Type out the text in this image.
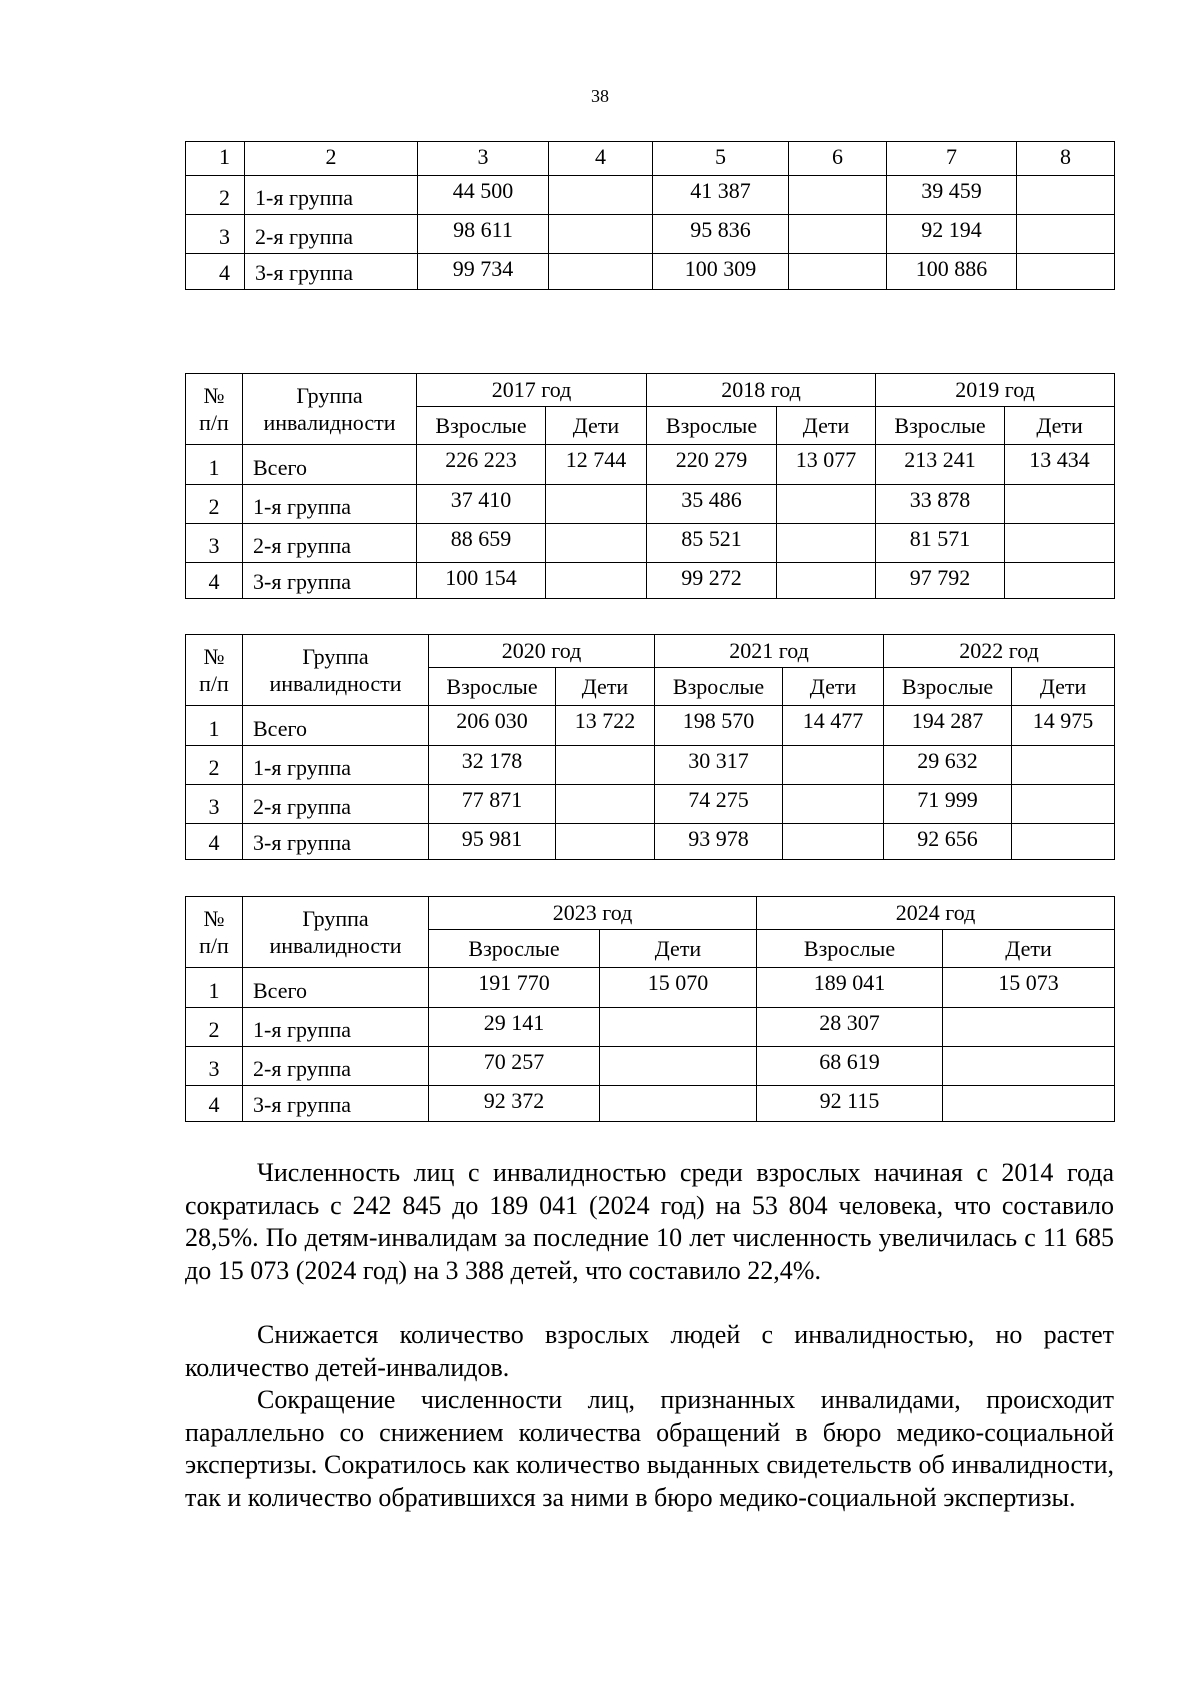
38
1	2	3	4	5	6	7	8
2	1-я группа	44 500		41 387		39 459	
3	2-я группа	98 611		95 836		92 194	
4	3-я группа	99 734		100 309		100 886	
№
п/п	Группа
инвалидности	2017 год		2018 год		2019 год	
		Взрослые	Дети	Взрослые	Дети	Взрослые	Дети
1	Всего	226 223	12 744	220 279	13 077	213 241	13 434
2	1-я группа	37 410		35 486		33 878	
3	2-я группа	88 659		85 521		81 571	
4	3-я группа	100 154		99 272		97 792	
№
п/п	Группа
инвалидности	2020 год		2021 год		2022 год	
		Взрослые	Дети	Взрослые	Дети	Взрослые	Дети
1	Всего	206 030	13 722	198 570	14 477	194 287	14 975
2	1-я группа	32 178		30 317		29 632	
3	2-я группа	77 871		74 275		71 999	
4	3-я группа	95 981		93 978		92 656	
№
п/п	Группа
инвалидности	2023 год		2024 год	
		Взрослые	Дети	Взрослые	Дети
1	Всего	191 770	15 070	189 041	15 073
2	1-я группа	29 141		28 307	
3	2-я группа	70 257		68 619	
4	3-я группа	92 372		92 115	

Численность лиц с инвалидностью среди взрослых начиная с 2014 года сократилась с 242 845 до 189 041 (2024 год) на 53 804 человека, что составило 28,5%. По детям-инвалидам за последние 10 лет численность увеличилась с 11 685 до 15 073 (2024 год) на 3 388 детей, что составило 22,4%.

Снижается количество взрослых людей с инвалидностью, но растет количество детей-инвалидов.

Сокращение численности лиц, признанных инвалидами, происходит параллельно со снижением количества обращений в бюро медико-социальной экспертизы. Сократилось как количество выданных свидетельств об инвалидности, так и количество обратившихся за ними в бюро медико-социальной экспертизы.
